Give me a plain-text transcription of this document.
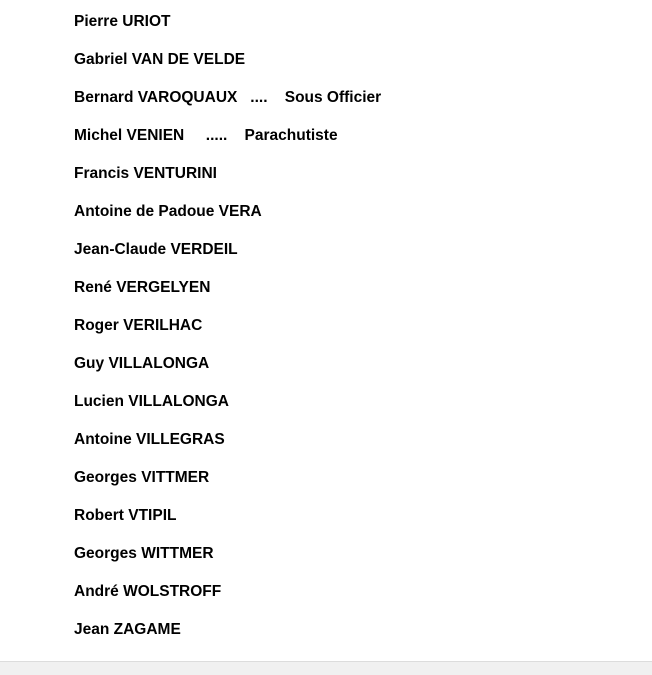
Pierre URIOT
Gabriel VAN DE VELDE
Bernard VAROQUAUX   ....    Sous Officier
Michel VENIEN     .....    Parachutiste
Francis VENTURINI
Antoine de Padoue VERA
Jean-Claude VERDEIL
René VERGELYEN
Roger VERILHAC
Guy VILLALONGA
Lucien VILLALONGA
Antoine VILLEGRAS
Georges VITTMER
Robert VTIPIL
Georges WITTMER
André WOLSTROFF
Jean ZAGAME
